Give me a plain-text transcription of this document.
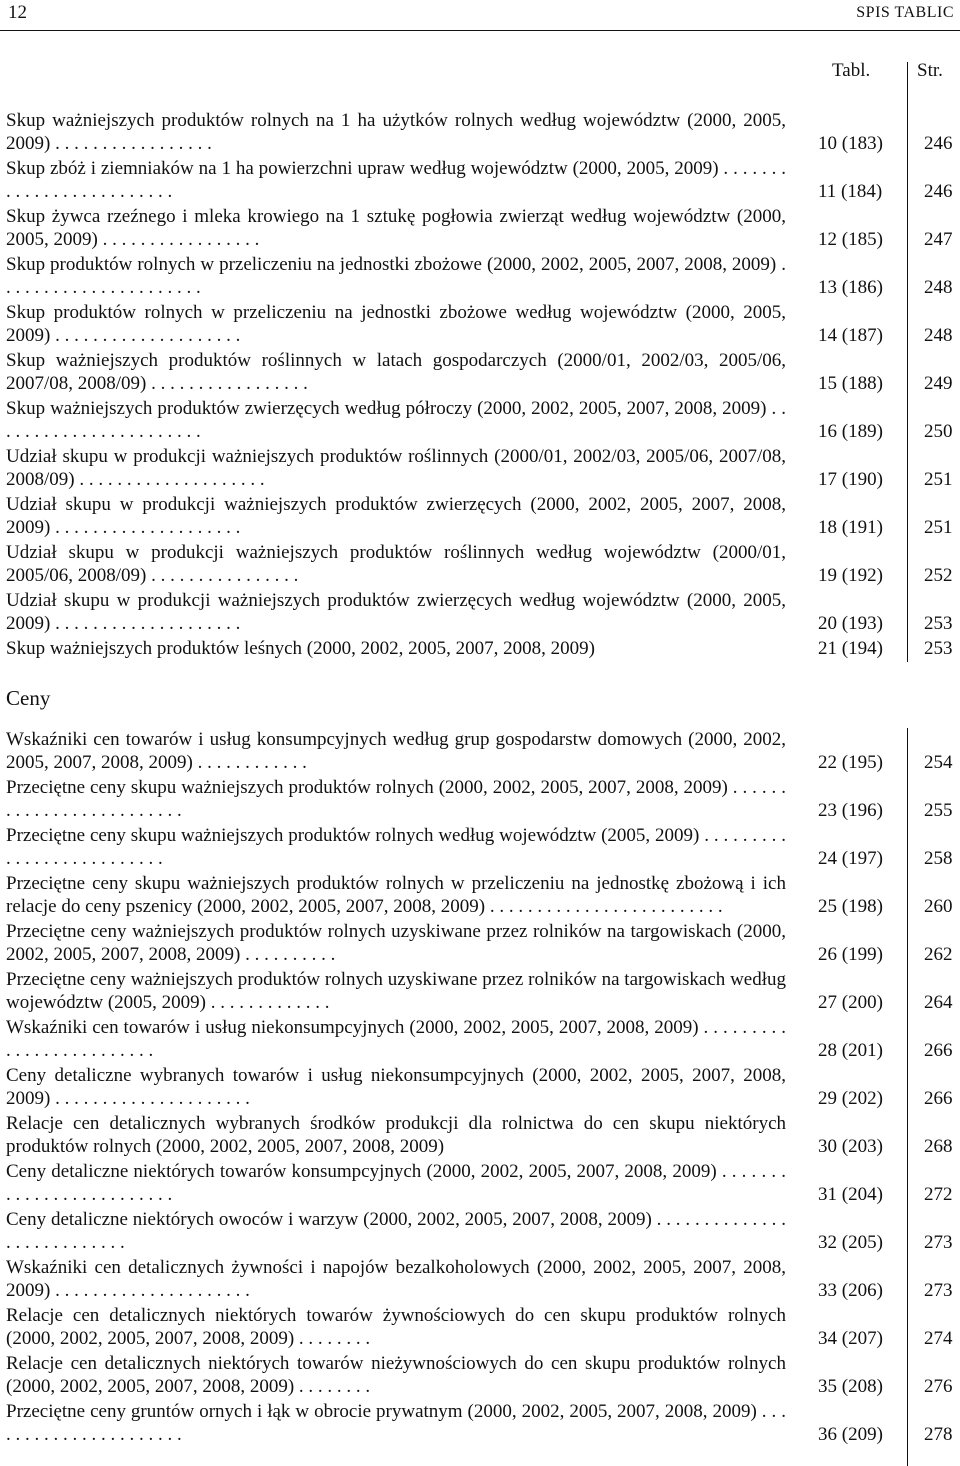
12	SPIS TABLIC
Tabl. Str.
Skup ważniejszych produktów rolnych na 1 ha użytków rolnych według województw (2000, 2005, 2009) . . . . . . . . . . . . . . . . .	10 (183) 246
Skup zbóż i ziemniaków na 1 ha powierzchni upraw według województw (2000, 2005, 2009) . . . . . . . . . . . . . . . . . . . . . . . . .	11 (184) 246
Skup żywca rzeźnego i mleka krowiego na 1 sztukę pogłowia zwierząt według województw (2000, 2005, 2009) . . . . . . . . . . . . . . . . .	12 (185) 247
Skup produktów rolnych w przeliczeniu na jednostki zbożowe (2000, 2002, 2005, 2007, 2008, 2009) . . . . . . . . . . . . . . . . . . . . . .	13 (186) 248
Skup produktów rolnych w przeliczeniu na jednostki zbożowe według województw (2000, 2005, 2009) . . . . . . . . . . . . . . . . . . . .	14 (187) 248
Skup ważniejszych produktów roślinnych w latach gospodarczych (2000/01, 2002/03, 2005/06, 2007/08, 2008/09) . . . . . . . . . . . . . . . . .	15 (188) 249
Skup ważniejszych produktów zwierzęcych według półroczy (2000, 2002, 2005, 2007, 2008, 2009) . . . . . . . . . . . . . . . . . . . . . . .	16 (189) 250
Udział skupu w produkcji ważniejszych produktów roślinnych (2000/01, 2002/03, 2005/06, 2007/08, 2008/09) . . . . . . . . . . . . . . . . . . . .	17 (190) 251
Udział skupu w produkcji ważniejszych produktów zwierzęcych (2000, 2002, 2005, 2007, 2008, 2009) . . . . . . . . . . . . . . . . . . . .	18 (191) 251
Udział skupu w produkcji ważniejszych produktów roślinnych według województw (2000/01, 2005/06, 2008/09) . . . . . . . . . . . . . . . .	19 (192) 252
Udział skupu w produkcji ważniejszych produktów zwierzęcych według województw (2000, 2005, 2009) . . . . . . . . . . . . . . . . . . . .	20 (193) 253
Skup ważniejszych produktów leśnych (2000, 2002, 2005, 2007, 2008, 2009)	21 (194) 253
Ceny
Wskaźniki cen towarów i usług konsumpcyjnych według grup gospodarstw domowych (2000, 2002, 2005, 2007, 2008, 2009) . . . . . . . . . . . .	22 (195) 254
Przeciętne ceny skupu ważniejszych produktów rolnych (2000, 2002, 2005, 2007, 2008, 2009) . . . . . . . . . . . . . . . . . . . . . . . . .	23 (196) 255
Przeciętne ceny skupu ważniejszych produktów rolnych według województw (2005, 2009) . . . . . . . . . . . . . . . . . . . . . . . . . .	24 (197) 258
Przeciętne ceny skupu ważniejszych produktów rolnych w przeliczeniu na jednostkę zbożową i ich relacje do ceny pszenicy (2000, 2002, 2005, 2007, 2008, 2009) . . . . . . . . . . . . . . . . . . . . . . . . .	25 (198) 260
Przeciętne ceny ważniejszych produktów rolnych uzyskiwane przez rolników na targowiskach (2000, 2002, 2005, 2007, 2008, 2009) . . . . . . . . . .	26 (199) 262
Przeciętne ceny ważniejszych produktów rolnych uzyskiwane przez rolników na targowiskach według województw (2005, 2009) . . . . . . . . . . . . .	27 (200) 264
Wskaźniki cen towarów i usług niekonsumpcyjnych (2000, 2002, 2005, 2007, 2008, 2009) . . . . . . . . . . . . . . . . . . . . . . . . .	28 (201) 266
Ceny detaliczne wybranych towarów i usług niekonsumpcyjnych (2000, 2002, 2005, 2007, 2008, 2009) . . . . . . . . . . . . . . . . . . . . .	29 (202) 266
Relacje cen detalicznych wybranych środków produkcji dla rolnictwa do cen skupu niektórych produktów rolnych (2000, 2002, 2005, 2007, 2008, 2009)	30 (203) 268
Ceny detaliczne niektórych towarów konsumpcyjnych (2000, 2002, 2005, 2007, 2008, 2009) . . . . . . . . . . . . . . . . . . . . . . . . .	31 (204) 272
Ceny detaliczne niektórych owoców i warzyw (2000, 2002, 2005, 2007, 2008, 2009) . . . . . . . . . . . . . . . . . . . . . . . . . . .	32 (205) 273
Wskaźniki cen detalicznych żywności i napojów bezalkoholowych (2000, 2002, 2005, 2007, 2008, 2009) . . . . . . . . . . . . . . . . . . . . .	33 (206) 273
Relacje cen detalicznych niektórych towarów żywnościowych do cen skupu produktów rolnych (2000, 2002, 2005, 2007, 2008, 2009) . . . . . . . .	34 (207) 274
Relacje cen detalicznych niektórych towarów nieżywnościowych do cen skupu produktów rolnych (2000, 2002, 2005, 2007, 2008, 2009) . . . . . . . .	35 (208) 276
Przeciętne ceny gruntów ornych i łąk w obrocie prywatnym (2000, 2002, 2005, 2007, 2008, 2009) . . . . . . . . . . . . . . . . . . . . . .	36 (209) 278
